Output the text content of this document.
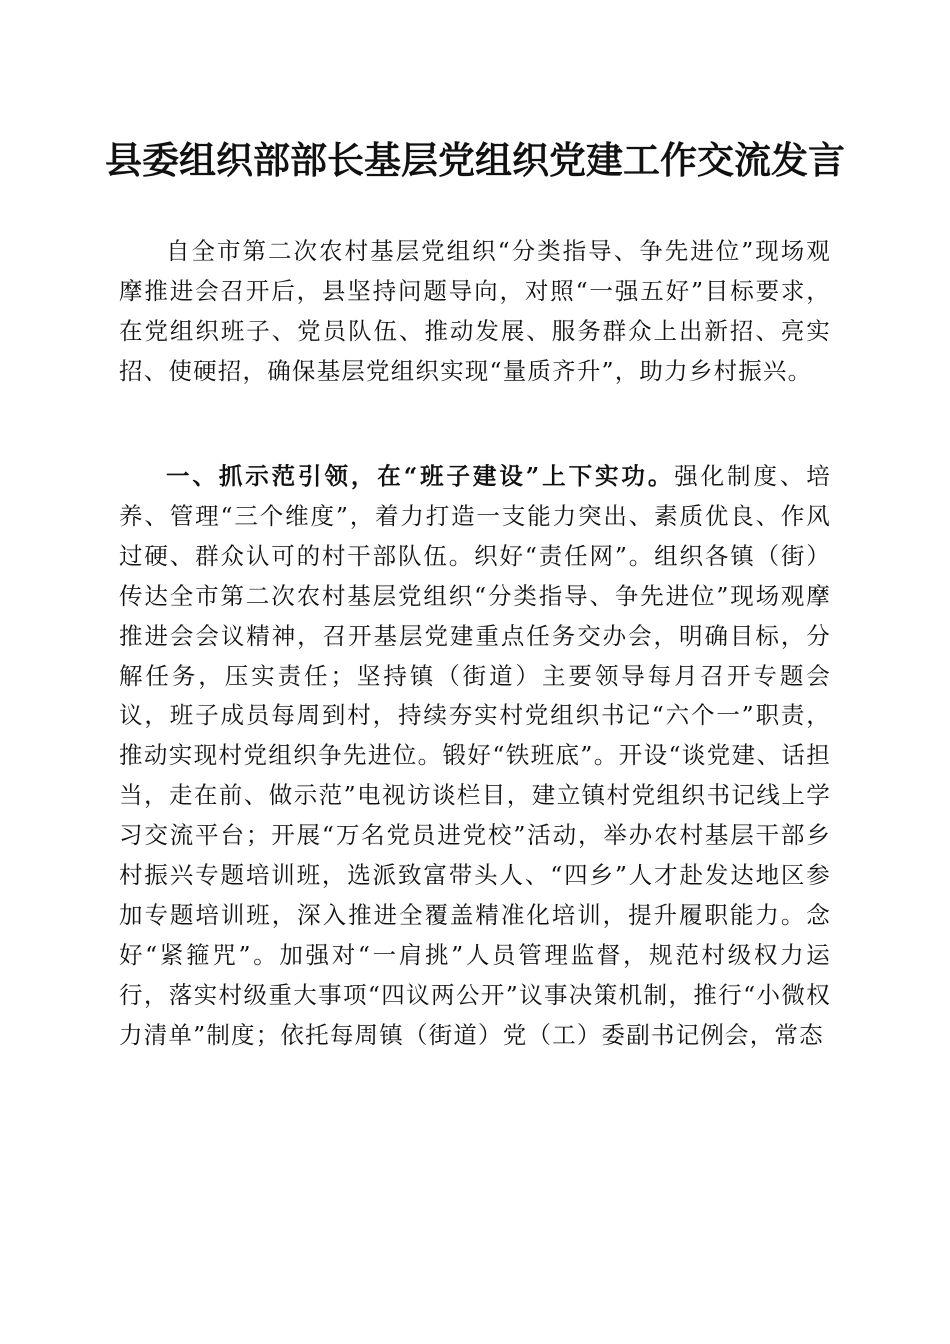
县委组织部部长基层党组织党建工作交流发言

自全市第二次农村基层党组织“分类指导、争先进位”现场观摩推进会召开后，县坚持问题导向，对照“一强五好”目标要求，在党组织班子、党员队伍、推动发展、服务群众上出新招、亮实招、使硬招，确保基层党组织实现“量质齐升”，助力乡村振兴。

一、抓示范引领，在“班子建设”上下实功。强化制度、培养、管理“三个维度”，着力打造一支能力突出、素质优良、作风过硬、群众认可的村干部队伍。织好“责任网”。组织各镇（街）传达全市第二次农村基层党组织“分类指导、争先进位”现场观摩推进会会议精神，召开基层党建重点任务交办会，明确目标，分解任务，压实责任；坚持镇（街道）主要领导每月召开专题会议，班子成员每周到村，持续夯实村党组织书记“六个一”职责，推动实现村党组织争先进位。锻好“铁班底”。开设“谈党建、话担当，走在前、做示范”电视访谈栏目，建立镇村党组织书记线上学习交流平台；开展“万名党员进党校”活动，举办农村基层干部乡村振兴专题培训班，选派致富带头人、“四乡”人才赴发达地区参加专题培训班，深入推进全覆盖精准化培训，提升履职能力。念好“紧箍咒”。加强对“一肩挑”人员管理监督，规范村级权力运行，落实村级重大事项“四议两公开”议事决策机制，推行“小微权力清单”制度；依托每周镇（街道）党（工）委副书记例会，常态
